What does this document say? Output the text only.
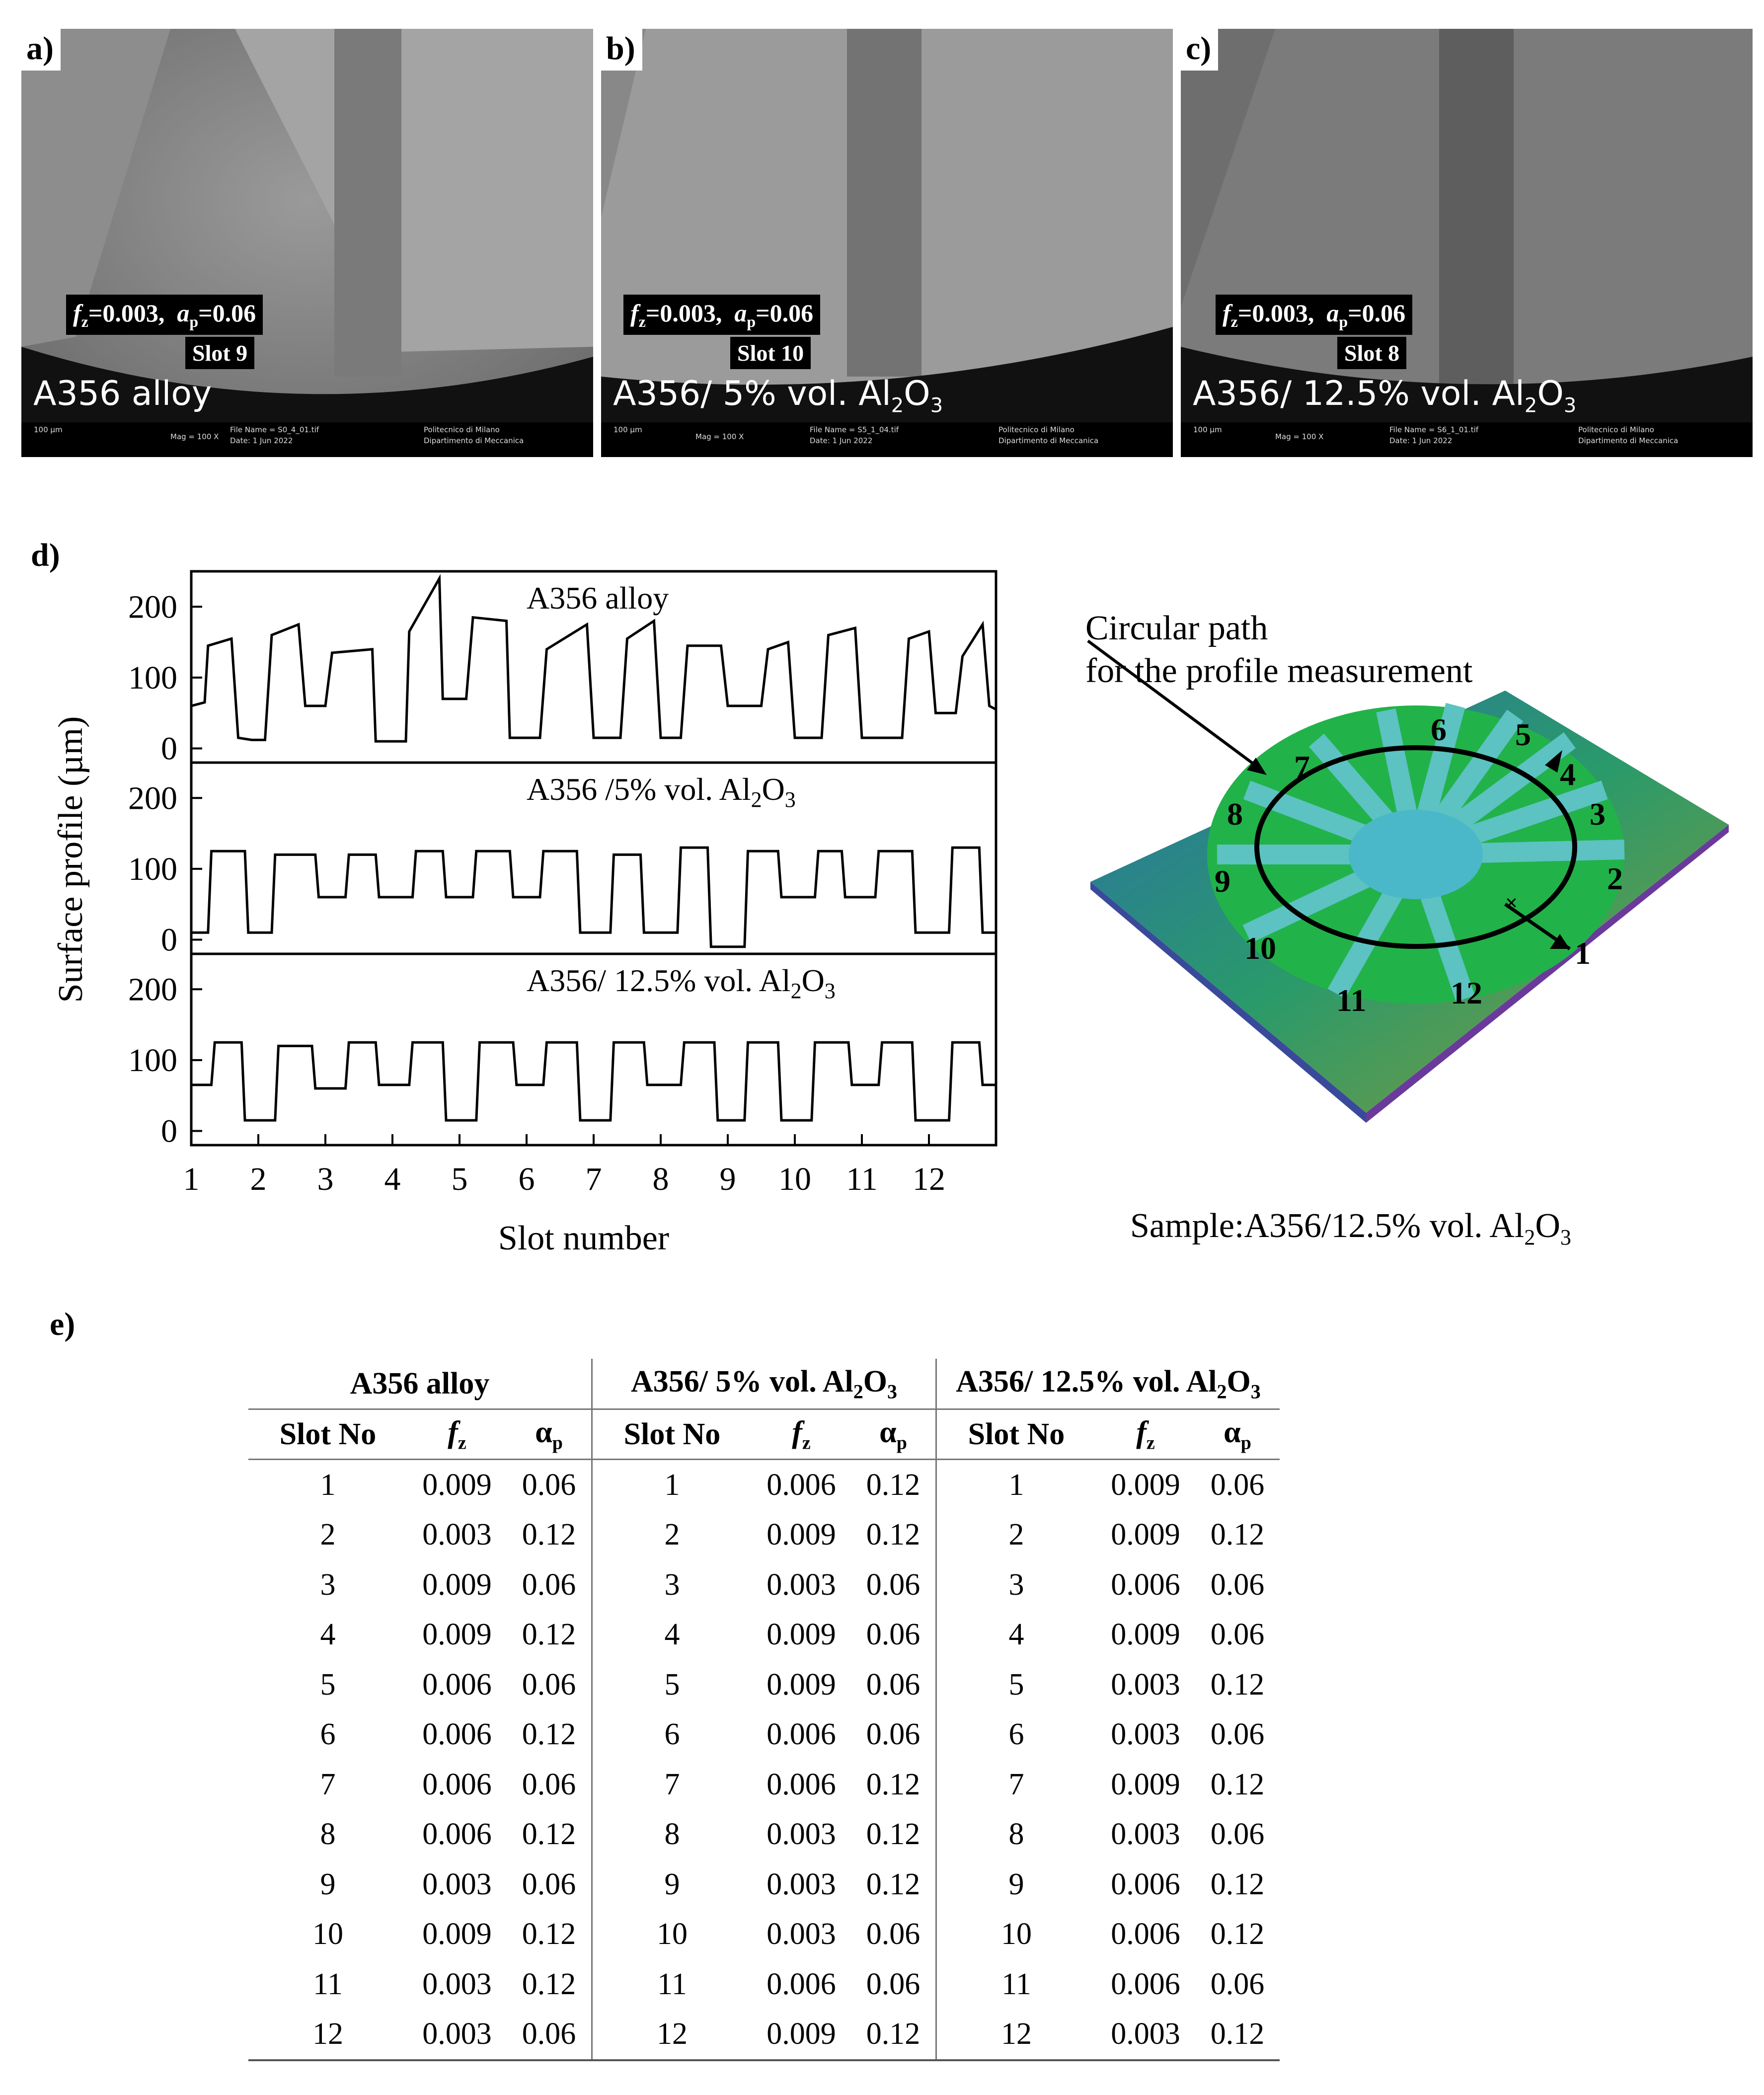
a)
$f_z=0.003$, $a_p=0.06$
Slot 9
A356 alloy
100 µm
Mag = 100 X
File Name = S0_4_01.tif
Date: 1 Jun 2022
Politecnico di Milano
Dipartimento di Meccanica
b)
$f_z=0.003$, $a_p=0.06$
Slot 10
A356/ 5% vol. $Al_2O_3$
100 µm
Mag = 100 X
File Name = S5_1_04.tif
Date: 1 Jun 2022
Politecnico di Milano
Dipartimento di Meccanica
c)
$f_z=0.003$, $a_p=0.06$
Slot 8
A356/ 12.5% vol. $Al_2O_3$
100 µm
Mag = 100 X
File Name = S6_1_01.tif
Date: 1 Jun 2022
Politecnico di Milano
Dipartimento di Meccanica
d)
0
100
200	A356 alloy
0
100
200	A356 /5% vol. $Al_2O_3$
0
100
200	A356/ 12.5% vol. $Al_2O_3$
1 2 3 4 5 6 7 8 9 10 11 12
Slot number
Surface profile (µm)	×
1
2
3
4
5
6
7
8
9
10
11	12
Circular path
for the profile measurement
Sample:A356/12.5% vol. $Al_2O_3$
e)
A356 alloy			A356/ 5% vol. $Al_2O_3$			A356/ 12.5% vol. $Al_2O_3$
Slot No	$f_z$	$\alpha_p$	Slot No	$f_z$	$\alpha_p$	Slot No	$f_z$	$\alpha_p$
1	0.009	0.06	1	0.006	0.12	1	0.009	0.06
2	0.003	0.12	2	0.009	0.12	2	0.009	0.12
3	0.009	0.06	3	0.003	0.06	3	0.006	0.06
4	0.009	0.12	4	0.009	0.06	4	0.009	0.06
5	0.006	0.06	5	0.009	0.06	5	0.003	0.12
6	0.006	0.12	6	0.006	0.06	6	0.003	0.06
7	0.006	0.06	7	0.006	0.12	7	0.009	0.12
8	0.006	0.12	8	0.003	0.12	8	0.003	0.06
9	0.003	0.06	9	0.003	0.12	9	0.006	0.12
10	0.009	0.12	10	0.003	0.06	10	0.006	0.12
11	0.003	0.12	11	0.006	0.06	11	0.006	0.06
12	0.003	0.06	12	0.009	0.12	12	0.003	0.12
